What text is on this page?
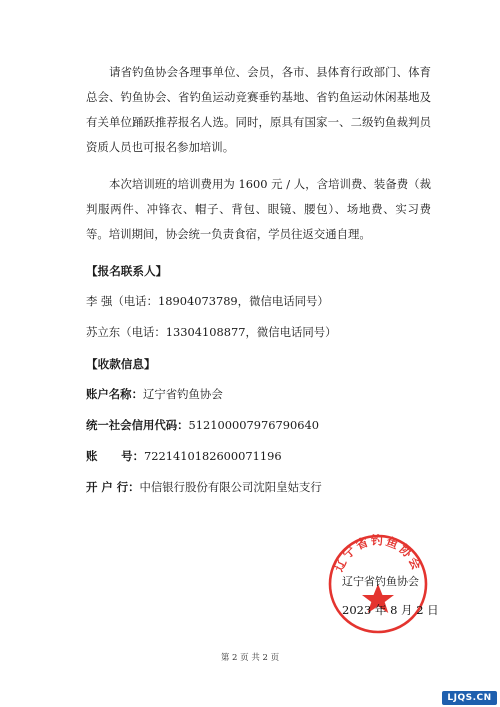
请省钓鱼协会各理事单位、会员，各市、县体育行政部门、体育总会、钓鱼协会、省钓鱼运动竞赛垂钓基地、省钓鱼运动休闲基地及有关单位踊跃推荐报名人选。同时，原具有国家一、二级钓鱼裁判员资质人员也可报名参加培训。

本次培训班的培训费用为 1600 元 / 人，含培训费、装备费（裁判服两件、冲锋衣、帽子、背包、眼镜、腰包）、场地费、实习费等。培训期间，协会统一负责食宿，学员往返交通自理。

【报名联系人】

李 强（电话：18904073789，微信电话同号）

苏立东（电话：13304108877，微信电话同号）

【收款信息】

账户名称：辽宁省钓鱼协会

统一社会信用代码：51210000797679064​0

账      号：7221410182600071196

开 户 行：中信银行股份有限公司沈阳皇姑支行

辽宁省钓鱼协会
辽宁省钓鱼协会
2023 年 8 月 2 日
第 2 页 共 2 页
LJQS.CN
